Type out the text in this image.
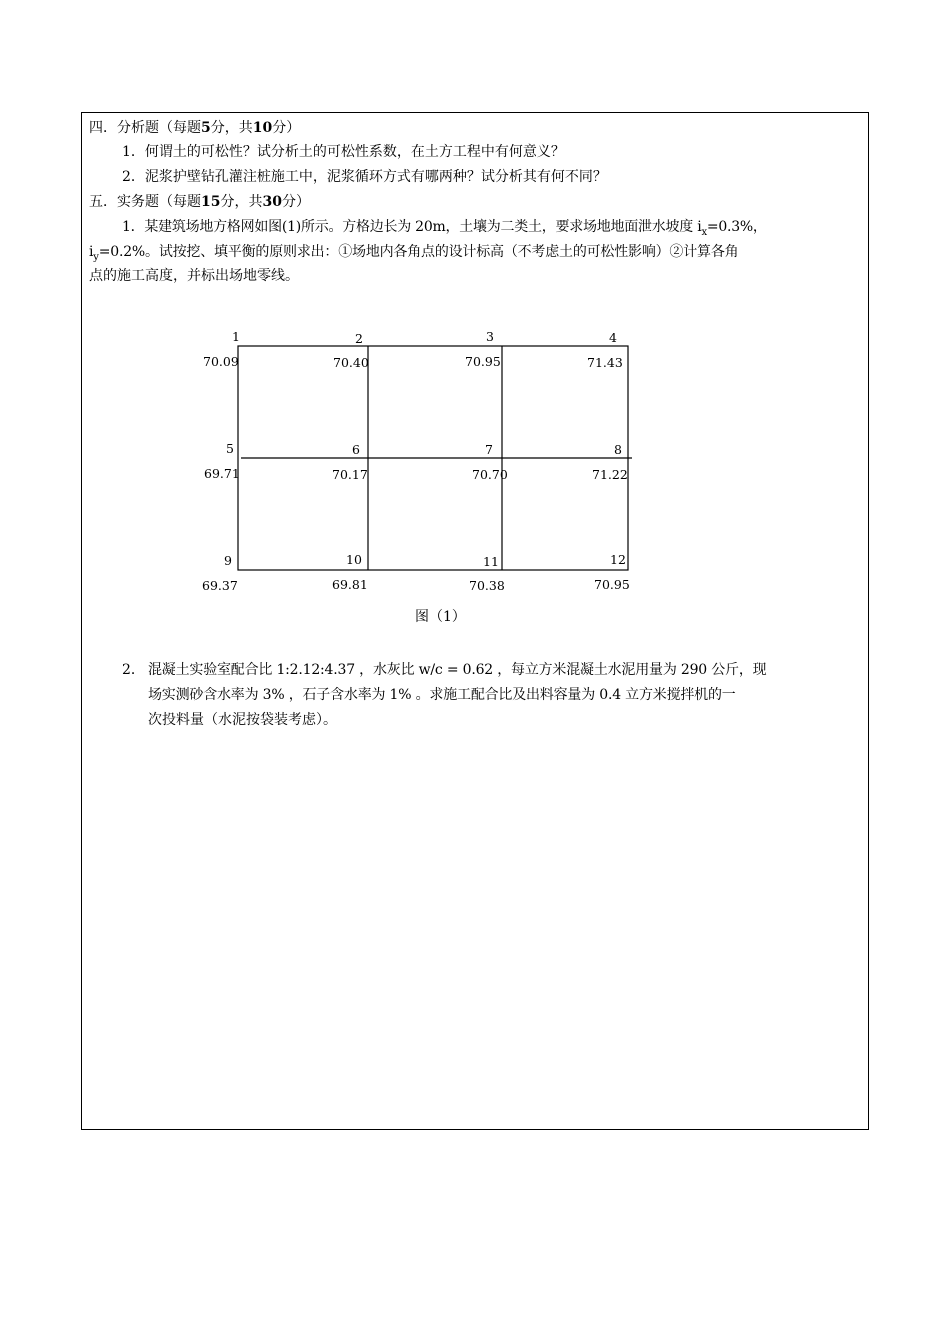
四．分析题（每题5分，共10分）
1．何谓土的可松性？试分析土的可松性系数，在土方工程中有何意义？
2．泥浆护壁钻孔灌注桩施工中，泥浆循环方式有哪两种？试分析其有何不同？
五．实务题（每题15分，共30分）
1．某建筑场地方格网如图(1)所示。方格边长为 20m，土壤为二类土，要求场地地面泄水坡度 $i_x=0.3\%$，
$i_y=0.2\%$。试按挖、填平衡的原则求出：①场地内各角点的设计标高（不考虑土的可松性影响）②计算各角
点的施工高度，并标出场地零线。
1
70.09
2
70.40
3
70.95
4
71.43
5
69.71
6
70.17
7
70.70
8
71.22
9
69.37
10
69.81
11
70.38
12
70.95
图（1）
2． 混凝土实验室配合比 1:2.12:4.37 ，水灰比 w/c = 0.62 ，每立方米混凝土水泥用量为 290 公斤，现
场实测砂含水率为 3% ，石子含水率为 1% 。求施工配合比及出料容量为 0.4 立方米搅拌机的一
次投料量（水泥按袋装考虑）。
